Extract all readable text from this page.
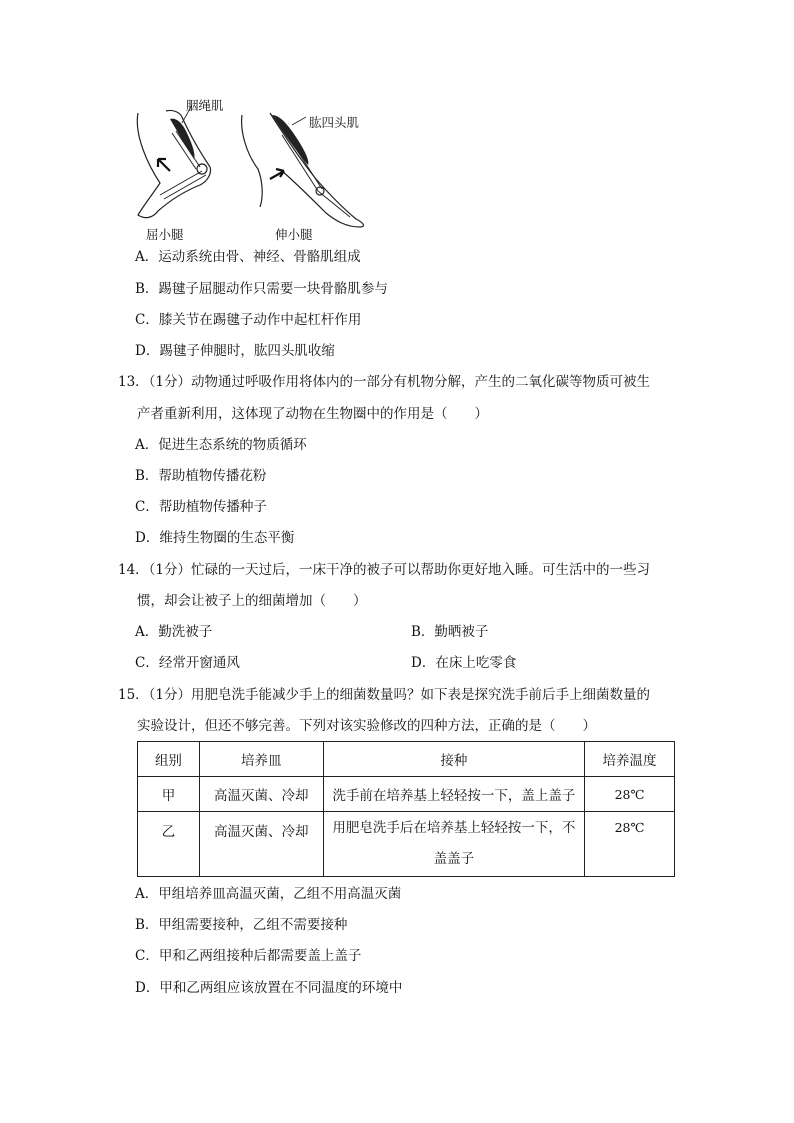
胭绳肌
肱四头肌
屈小腿	伸小腿
A．运动系统由骨、神经、骨骼肌组成
B．踢毽子屈腿动作只需要一块骨骼肌参与
C．膝关节在踢毽子动作中起杠杆作用
D．踢毽子伸腿时，肱四头肌收缩
13．（1分）动物通过呼吸作用将体内的一部分有机物分解，产生的二氧化碳等物质可被生
产者重新利用，这体现了动物在生物圈中的作用是（　　）
A．促进生态系统的物质循环
B．帮助植物传播花粉
C．帮助植物传播种子
D．维持生物圈的生态平衡
14．（1分）忙碌的一天过后，一床干净的被子可以帮助你更好地入睡。可生活中的一些习
惯，却会让被子上的细菌增加（　　）
A．勤洗被子	B．勤晒被子
C．经常开窗通风	D．在床上吃零食
15．（1分）用肥皂洗手能减少手上的细菌数量吗？如下表是探究洗手前后手上细菌数量的
实验设计，但还不够完善。下列对该实验修改的四种方法，正确的是（　　）
组别	培养皿	接种	培养温度
甲	高温灭菌、冷却	洗手前在培养基上轻轻按一下，盖上盖子	28℃
乙	高温灭菌、冷却	用肥皂洗手后在培养基上轻轻按一下，不
盖盖子	28℃
A．甲组培养皿高温灭菌，乙组不用高温灭菌
B．甲组需要接种，乙组不需要接种
C．甲和乙两组接种后都需要盖上盖子
D．甲和乙两组应该放置在不同温度的环境中
